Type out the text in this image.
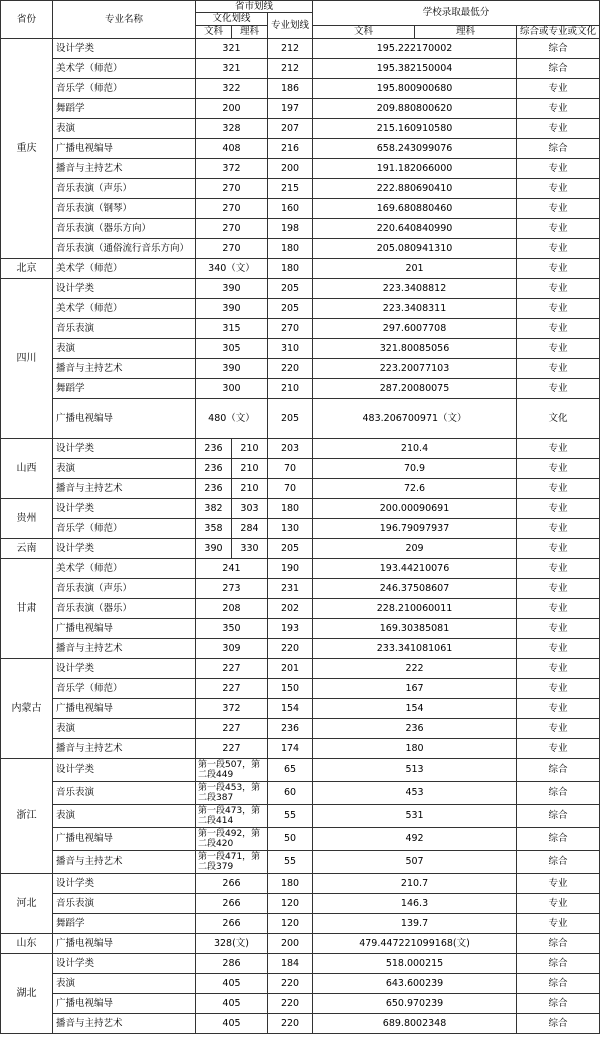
省份	专业名称	省市划线			学校录取最低分		
		文化划线		专业划线			
		文科	理科		文科	理科	综合或专业或文化
重庆	设计学类	321		212	195.222170002		综合
	美术学（师范）	321		212	195.382150004		综合
	音乐学（师范）	322		186	195.800900680		专业
	舞蹈学	200		197	209.880800620		专业
	表演	328		207	215.160910580		专业
	广播电视编导	408		216	658.243099076		综合
	播音与主持艺术	372		200	191.182066000		专业
	音乐表演（声乐）	270		215	222.880690410		专业
	音乐表演（钢琴）	270		160	169.680880460		专业
	音乐表演（器乐方向）	270		198	220.640840990		专业
	音乐表演（通俗流行音乐方向）	270		180	205.080941310		专业
北京	美术学（师范）	340（文）		180	201		专业
四川	设计学类	390		205	223.3408812		专业
	美术学（师范）	390		205	223.3408311		专业
	音乐表演	315		270	297.6007708		专业
	表演	305		310	321.80085056		专业
	播音与主持艺术	390		220	223.20077103		专业
	舞蹈学	300		210	287.20080075		专业
	广播电视编导	480（文）		205	483.206700971（文）		文化
山西	设计学类	236	210	203	210.4		专业
	表演	236	210	70	70.9		专业
	播音与主持艺术	236	210	70	72.6		专业
贵州	设计学类	382	303	180	200.00090691		专业
	音乐学（师范）	358	284	130	196.79097937		专业
云南	设计学类	390	330	205	209		专业
甘肃	美术学（师范）	241		190	193.44210076		专业
	音乐表演（声乐）	273		231	246.37508607		专业
	音乐表演（器乐）	208		202	228.210060011		专业
	广播电视编导	350		193	169.30385081		专业
	播音与主持艺术	309		220	233.341081061		专业
内蒙古	设计学类	227		201	222		专业
	音乐学（师范）	227		150	167		专业
	广播电视编导	372		154	154		专业
	表演	227		236	236		专业
	播音与主持艺术	227		174	180		专业
浙江	设计学类	第一段507，第二段449		65	513		综合
	音乐表演	第一段453，第二段387		60	453		综合
	表演	第一段473，第二段414		55	531		综合
	广播电视编导	第一段492，第二段420		50	492		综合
	播音与主持艺术	第一段471，第二段379		55	507		综合
河北	设计学类	266		180	210.7		专业
	音乐表演	266		120	146.3		专业
	舞蹈学	266		120	139.7		专业
山东	广播电视编导	328(文)		200	479.447221099168(文)		综合
湖北	设计学类	286		184	518.000215		综合
	表演	405		220	643.600239		综合
	广播电视编导	405		220	650.970239		综合
	播音与主持艺术	405		220	689.8002348		综合
